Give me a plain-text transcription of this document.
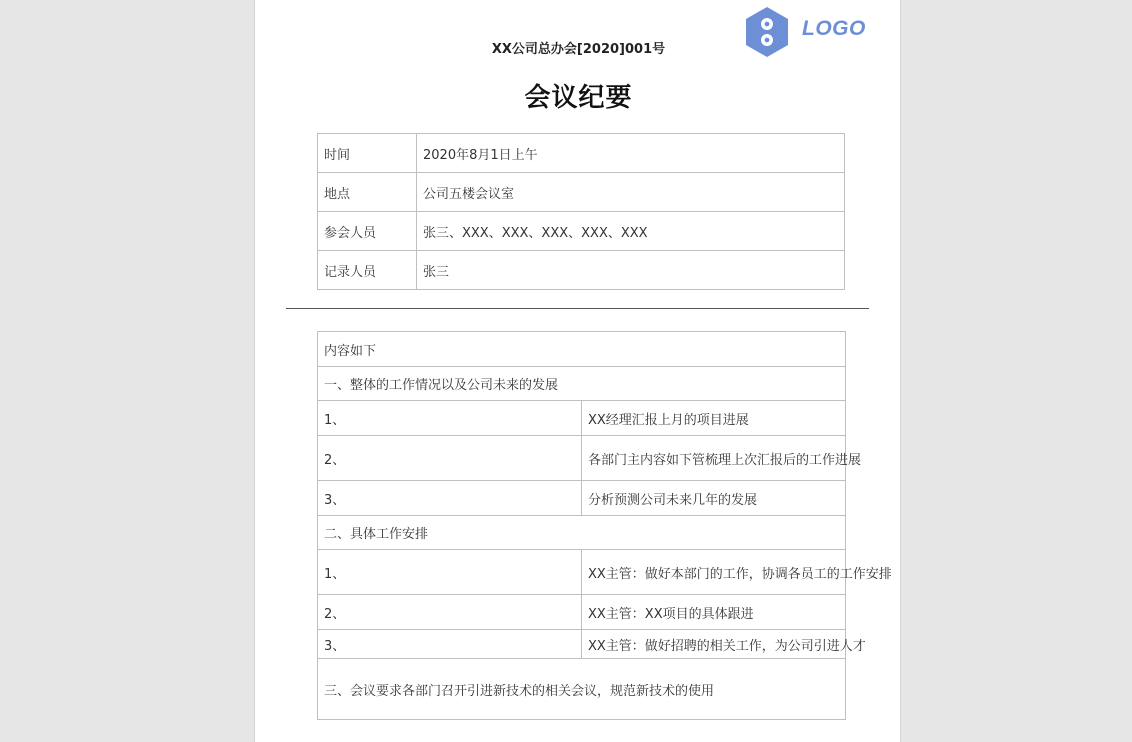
LOGO
XX公司总办会[2020]001号
会议纪要
时间	2020年8月1日上午
地点	公司五楼会议室
参会人员	张三、XXX、XXX、XXX、XXX、XXX
记录人员	张三
内容如下	
一、整体的工作情况以及公司未来的发展	
1、	XX经理汇报上月的项目进展
2、	各部门主内容如下管梳理上次汇报后的工作进展
3、	分析预测公司未来几年的发展
二、具体工作安排	
1、	XX主管：做好本部门的工作，协调各员工的工作安排
2、	XX主管：XX项目的具体跟进
3、	XX主管：做好招聘的相关工作，为公司引进人才
三、会议要求各部门召开引进新技术的相关会议，规范新技术的使用	
